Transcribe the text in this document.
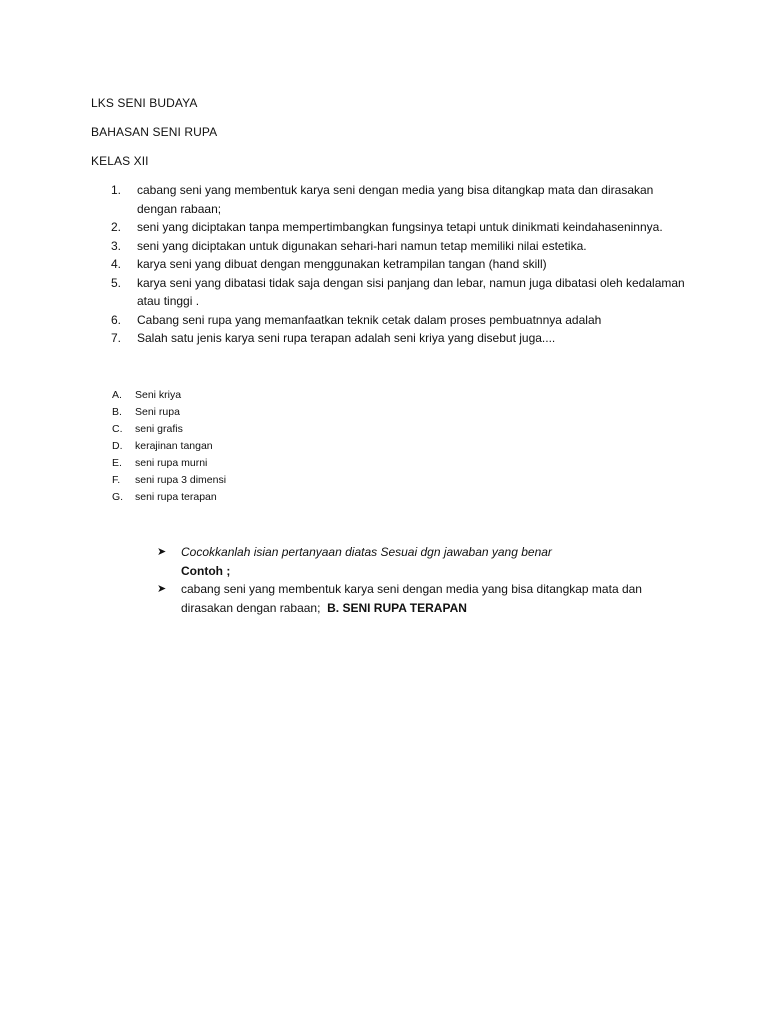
LKS SENI BUDAYA
BAHASAN SENI RUPA
KELAS XII
1.	cabang seni yang membentuk karya seni dengan media yang bisa ditangkap mata dan dirasakan dengan rabaan;
2.	seni yang diciptakan tanpa mempertimbangkan fungsinya tetapi untuk dinikmati keindahaseninnya.
3.	seni yang diciptakan untuk digunakan sehari-hari namun tetap memiliki nilai estetika.
4.	karya seni yang dibuat dengan menggunakan ketrampilan tangan (hand skill)
5.	karya seni yang dibatasi tidak saja dengan sisi panjang dan lebar, namun juga dibatasi oleh kedalaman atau tinggi .
6.	Cabang seni rupa yang memanfaatkan teknik cetak dalam proses pembuatnnya adalah
7.	Salah satu jenis karya seni rupa terapan adalah seni kriya yang disebut juga....
A.	Seni kriya
B.	Seni rupa
C.	seni grafis
D.	kerajinan tangan
E.	seni rupa murni
F.	seni rupa 3 dimensi
G.	seni rupa terapan
➤	Cocokkanlah isian pertanyaan diatas Sesuai dgn jawaban yang benar
Contoh ;
➤	cabang seni yang membentuk karya seni dengan media yang bisa ditangkap mata dan dirasakan dengan rabaan; B. SENI RUPA TERAPAN
